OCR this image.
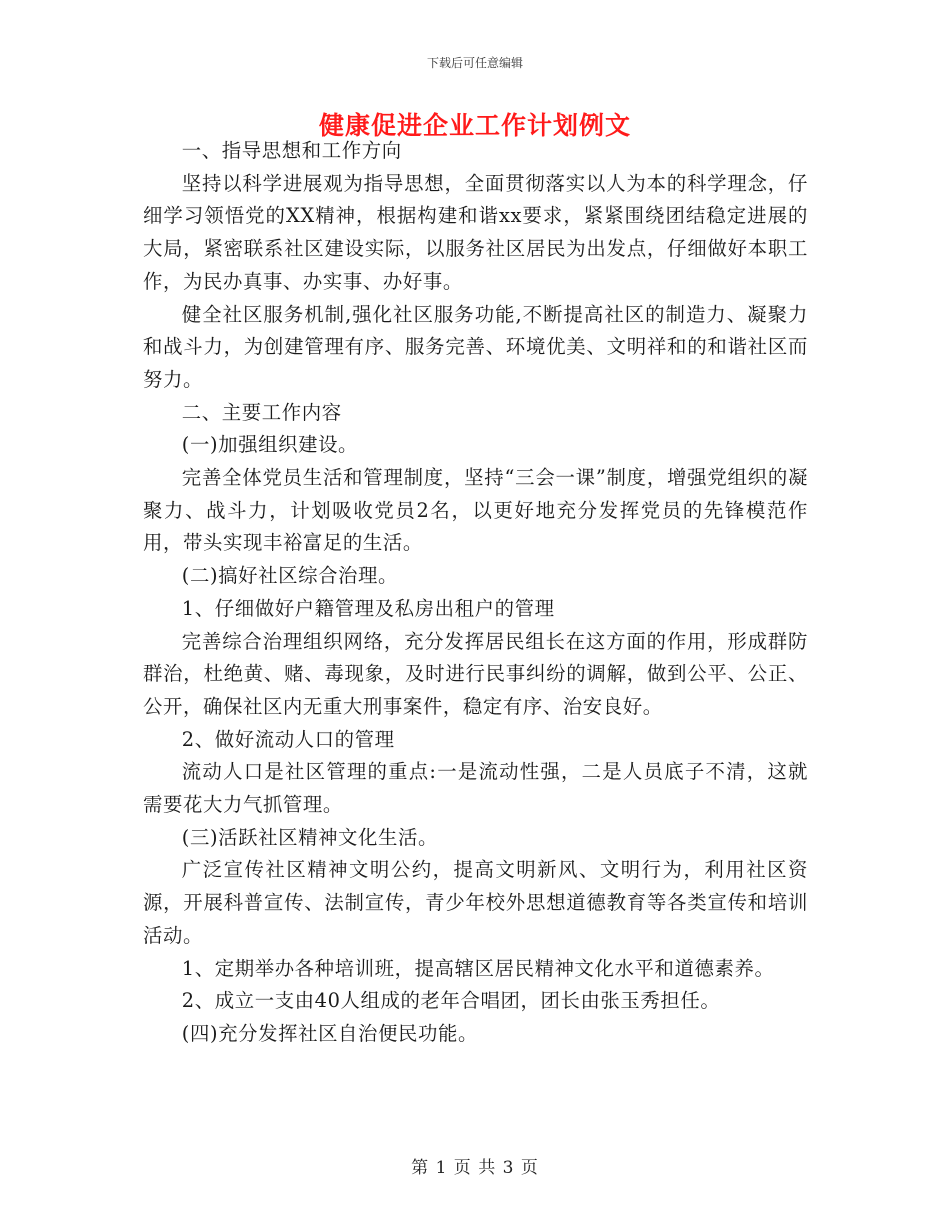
下载后可任意编辑
健康促进企业工作计划例文

一、指导思想和工作方向

坚持以科学进展观为指导思想，全面贯彻落实以人为本的科学理念，仔细学习领悟党的XX精神，根据构建和谐xx要求，紧紧围绕团结稳定进展的大局，紧密联系社区建设实际，以服务社区居民为出发点，仔细做好本职工作，为民办真事、办实事、办好事。

健全社区服务机制,强化社区服务功能,不断提高社区的制造力、凝聚力和战斗力，为创建管理有序、服务完善、环境优美、文明祥和的和谐社区而努力。

二、主要工作内容

(一)加强组织建设。

完善全体党员生活和管理制度，坚持“三会一课”制度，增强党组织的凝聚力、战斗力，计划吸收党员2名，以更好地充分发挥党员的先锋模范作用，带头实现丰裕富足的生活。

(二)搞好社区综合治理。

1、仔细做好户籍管理及私房出租户的管理

完善综合治理组织网络，充分发挥居民组长在这方面的作用，形成群防群治，杜绝黄、赌、毒现象，及时进行民事纠纷的调解，做到公平、公正、公开，确保社区内无重大刑事案件，稳定有序、治安良好。

2、做好流动人口的管理

流动人口是社区管理的重点:一是流动性强，二是人员底子不清，这就需要花大力气抓管理。

(三)活跃社区精神文化生活。

广泛宣传社区精神文明公约，提高文明新风、文明行为，利用社区资源，开展科普宣传、法制宣传，青少年校外思想道德教育等各类宣传和培训活动。

1、定期举办各种培训班，提高辖区居民精神文化水平和道德素养。

2、成立一支由40人组成的老年合唱团，团长由张玉秀担任。

(四)充分发挥社区自治便民功能。

第 1 页 共 3 页
